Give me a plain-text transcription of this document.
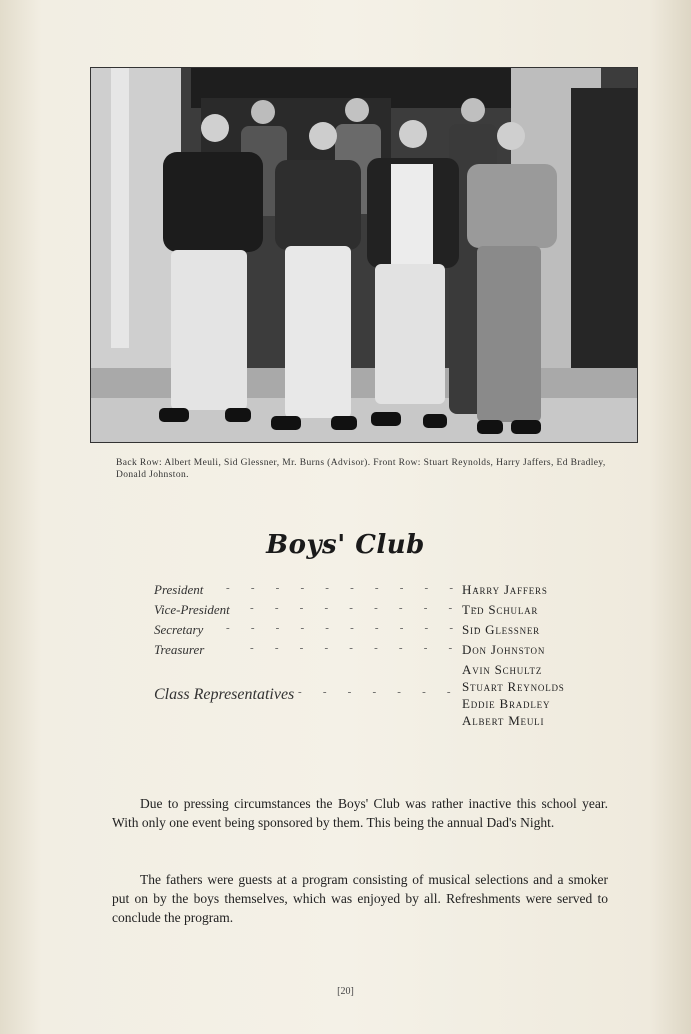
Back Row: Albert Meuli, Sid Glessner, Mr. Burns (Advisor). Front Row: Stuart Reynolds, Harry Jaffers, Ed Bradley, Donald Johnston.
Boys' Club
President - - - - - - - - - - -
Harry Jaffers
Vice-President - - - - - - - - - -
Ted Schular
Secretary - - - - - - - - - - -
Sid Glessner
Treasurer	- - - - - - - - - Don Johnston
Class Representatives - - - - - - -
Avin Schultz
Stuart Reynolds
Eddie Bradley
Albert Meuli

Due to pressing circumstances the Boys' Club was rather inactive this school year. With only one event being sponsored by them. This being the annual Dad's Night.

The fathers were guests at a program consisting of musical selections and a smoker put on by the boys themselves, which was enjoyed by all. Refreshments were served to conclude the program.

[20]
